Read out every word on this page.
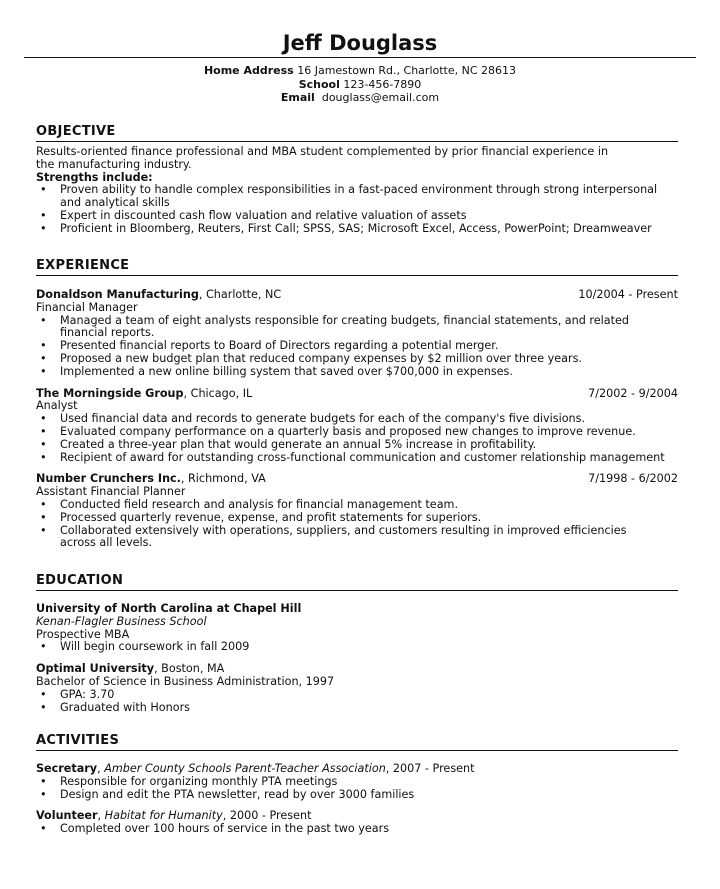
Jeff Douglass
Home Address 16 Jamestown Rd., Charlotte, NC 28613
School 123-456-7890
Email douglass@email.com
OBJECTIVE
Results-oriented finance professional and MBA student complemented by prior financial experience in the manufacturing industry.
Strengths include:
• Proven ability to handle complex responsibilities in a fast-paced environment through strong interpersonal and analytical skills
• Expert in discounted cash flow valuation and relative valuation of assets
• Proficient in Bloomberg, Reuters, First Call; SPSS, SAS; Microsoft Excel, Access, PowerPoint; Dreamweaver
EXPERIENCE
Donaldson Manufacturing, Charlotte, NC	10/2004 - Present
Financial Manager
• Managed a team of eight analysts responsible for creating budgets, financial statements, and related financial reports.
• Presented financial reports to Board of Directors regarding a potential merger.
• Proposed a new budget plan that reduced company expenses by $2 million over three years.
• Implemented a new online billing system that saved over $700,000 in expenses.
The Morningside Group, Chicago, IL	7/2002 - 9/2004
Analyst
• Used financial data and records to generate budgets for each of the company's five divisions.
• Evaluated company performance on a quarterly basis and proposed new changes to improve revenue.
• Created a three-year plan that would generate an annual 5% increase in profitability.
• Recipient of award for outstanding cross-functional communication and customer relationship management
Number Crunchers Inc., Richmond, VA	7/1998 - 6/2002
Assistant Financial Planner
• Conducted field research and analysis for financial management team.
• Processed quarterly revenue, expense, and profit statements for superiors.
• Collaborated extensively with operations, suppliers, and customers resulting in improved efficiencies across all levels.
EDUCATION
University of North Carolina at Chapel Hill
Kenan-Flagler Business School
Prospective MBA
• Will begin coursework in fall 2009
Optimal University, Boston, MA
Bachelor of Science in Business Administration, 1997
• GPA: 3.70
• Graduated with Honors
ACTIVITIES
Secretary, Amber County Schools Parent-Teacher Association, 2007 - Present
• Responsible for organizing monthly PTA meetings
• Design and edit the PTA newsletter, read by over 3000 families
Volunteer, Habitat for Humanity, 2000 - Present
• Completed over 100 hours of service in the past two years
